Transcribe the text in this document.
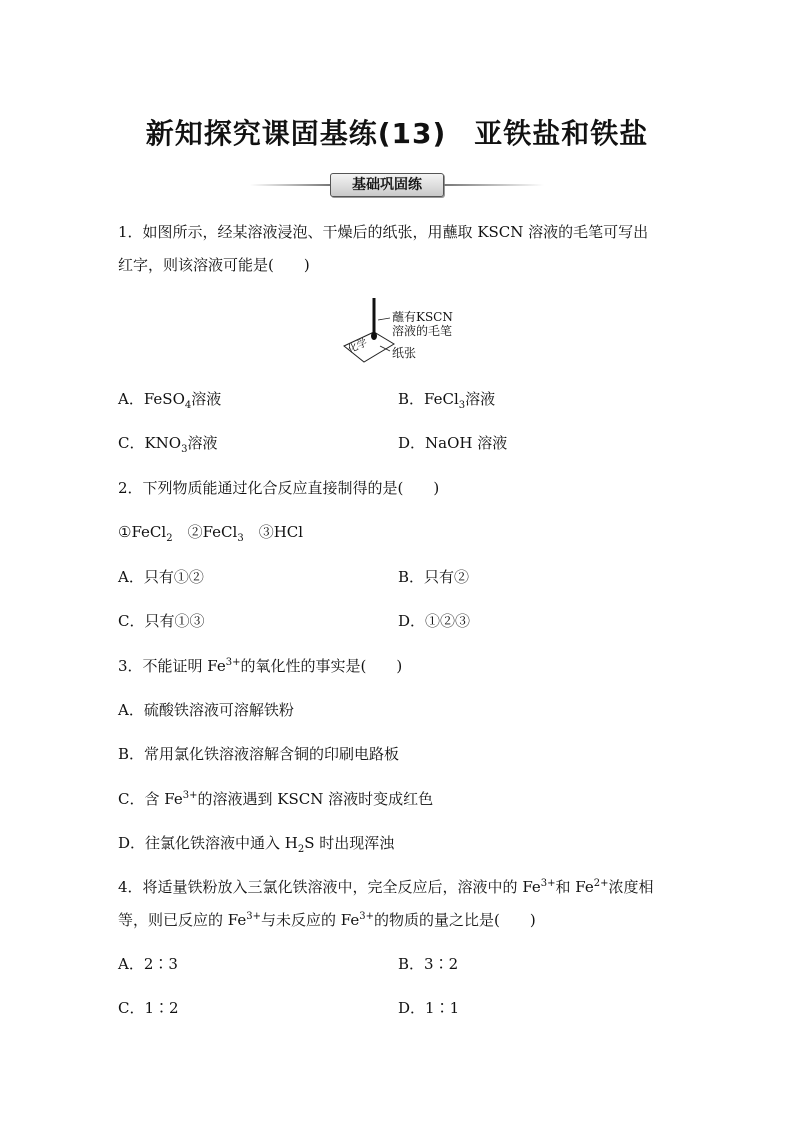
新知探究课固基练(13) 亚铁盐和铁盐
基础巩固练
1．如图所示，经某溶液浸泡、干燥后的纸张，用蘸取 KSCN 溶液的毛笔可写出
红字，则该溶液可能是(　　)
化学
蘸有KSCN
溶液的毛笔
纸张
A．FeSO$_4$溶液	B．FeCl$_3$溶液
C．$KNO_3$溶液	D．NaOH 溶液
2．下列物质能通过化合反应直接制得的是(　　)
①FeCl$_2$　 ②FeCl$_3$　 ③HCl
A．只有①②	B．只有②
C．只有①③	D．①②③
3．不能证明 $Fe^{3+}$的氧化性的事实是(　　)
A．硫酸铁溶液可溶解铁粉
B．常用氯化铁溶液溶解含铜的印刷电路板
C．含 $Fe^{3+}$的溶液遇到 KSCN 溶液时变成红色
D．往氯化铁溶液中通入 $H_2S$ 时出现浑浊
4．将适量铁粉放入三氯化铁溶液中，完全反应后，溶液中的 $Fe^{3+}$和 $Fe^{2+}$浓度相
等，则已反应的 $Fe^{3+}$与未反应的 $Fe^{3+}$的物质的量之比是(　　)
A．2∶3	B．3∶2
C．1∶2	D．1∶1
